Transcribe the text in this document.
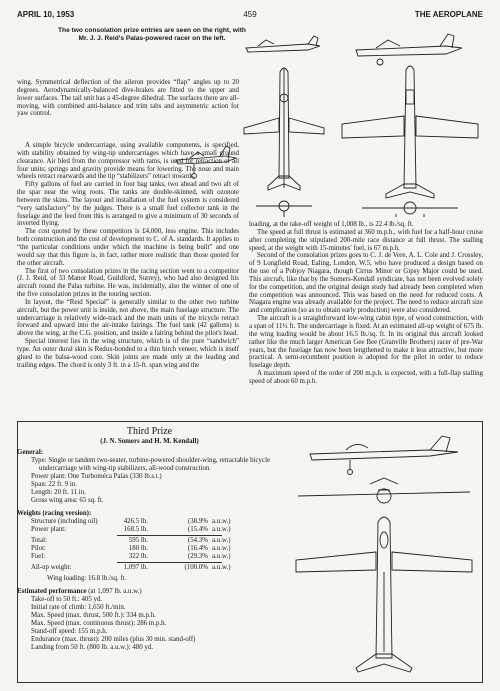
APRIL 10, 1953	459	THE AEROPLANE
The two consolation prize entries are seen on the right, with Mr. J. J. Reid's Palas-powered racer on the left.

wing. Symmetrical deflection of the aileron provides “flap” angles up to 20 degrees. Aerodynamically-balanced dive-brakes are fitted to the upper and lower surfaces. The tail unit has a 45-degree dihedral. The surfaces there are all-moving, with combined anti-balance and trim tabs and asymmetric action for yaw control.

A simple bicycle undercarriage, using available components, is specified, with stability obtained by wing-tip undercarriages which have a small ground clearance. Air bled from the compressor with rams, is used for retraction of all four units; springs and gravity provide means for lowering. The nose and main wheels retract rearwards and the tip “stabilizers” retract inwards.

Fifty gallons of fuel are carried in four bag tanks, two ahead and two aft of the spar near the wing roots. The tanks are double-skinned, with ozonote between the skins. The layout and installation of the fuel system is considered “very satisfactory” by the judges. There is a small fuel collector tank in the fuselage and the feed from this is arranged to give a minimum of 30 seconds of inverted flying.

The cost quoted by these competitors is £4,000, less engine. This includes both construction and the cost of development to C. of A. standards. It applies to “the particular conditions under which the machine is being built” and one would say that this figure is, in fact, rather more realistic than those quoted for the other aircraft.

The first of two consolation prizes in the racing section went to a competitor (J. J. Reid, of 33 Manor Road, Guildford, Surrey), who had also designed his aircraft round the Palas turbine. He was, incidentally, also the winner of one of the five consolation prizes in the touring section.

In layout, the “Reid Special” is generally similar to the other two turbine aircraft, but the power unit is inside, not above, the main fuselage structure. The undercarriage is relatively wide-track and the main units of the tricycle retract forward and upward into the air-intake fairings. The fuel tank (42 gallons) is above the wing, at the C.G. position, and inside a fairing behind the pilot's head.

Special interest lies in the wing structure, which is of the pure “sandwich” type. An outer dural skin is Redux-bonded to a thin birch veneer, which is itself glued to the balsa-wood core. Skin joints are made only at the leading and trailing edges. The chord is only 3 ft. in a 15-ft. span wing and the

loading, at the take-off weight of 1,008 lb., is 22.4 lb./sq. ft.

The speed at full thrust is estimated at 360 m.p.h., with fuel for a half-hour cruise after completing the stipulated 200-mile race distance at full thrust. The stalling speed, at the weight with 15-minutes' fuel, is 67 m.p.h.

Second of the consolation prizes goes to C. J. de Vere, A. L. Cole and J. Crossley, of 9 Longfield Road, Ealing, London, W.5, who have produced a design based on the use of a Pobjoy Niagara, though Cirrus Minor or Gipsy Major could be used. This aircraft, like that by the Somers-Kendall syndicate, has not been evolved solely for the competition, and the original design study had already been completed when the competition was announced. This was based on the need for reduced costs. A Niagara engine was already available for the project. The need to reduce aircraft size and complication (so as to obtain early production) were also considered.

The aircraft is a straightforward low-wing cabin type, of wood construction, with a span of 11½ ft. The undercarriage is fixed. At an estimated all-up weight of 675 lb. the wing loading would be about 16.5 lb./sq. ft. In its original this aircraft looked rather like the much larger American Gee Bee (Granville Brothers) racer of pre-War years, but the fuselage has now been lengthened to make it less attractive, but more practical. A semi-recumbent position is adopted for the pilot in order to reduce fuselage depth.

A maximum speed of the order of 200 m.p.h. is expected, with a full-flap stalling speed of about 60 m.p.h.

Third Prize
(J. N. Somers and H. M. Kendall)
General:
Type: Single or tandem two-seater, turbine-powered shoulder-wing, retractable bicycle undercarriage with wing-tip stabilizers, all-wood construction.
Power plant: One Turboméca Palas (330 lb.s.t.)
Span: 22 ft. 9 in.
Length: 20 ft. 11 in.
Gross wing area: 65 sq. ft.
Weights (racing version):
Structure (including oil)	426.5 lb.	(38.9% a.u.w.)
Power plant:	168.5 lb.	(15.4% a.u.w.)
Total:	595 lb.	(54.3% a.u.w.)
Pilot:	180 lb.	(16.4% a.u.w.)
Fuel:	322 lb.	(29.3% a.u.w.)
All-up weight:	1,097 lb.	(100.0% a.u.w.)
Wing loading: 16.8 lb./sq. ft.
Estimated performance (at 1,097 lb. a.u.w.)
Take-off to 50 ft.: 405 yd.
Initial rate of climb: 1,650 ft./min.
Max. Speed (max. thrust, 500 ft.): 334 m.p.h.
Max. Speed (max. continuous thrust): 286 m.p.h.
Stand-off speed: 155 m.p.h.
Endurance (max. thrust): 200 miles (plus 30 min. stand-off)
Landing from 50 ft. (800 lb. a.u.w.): 480 yd.
